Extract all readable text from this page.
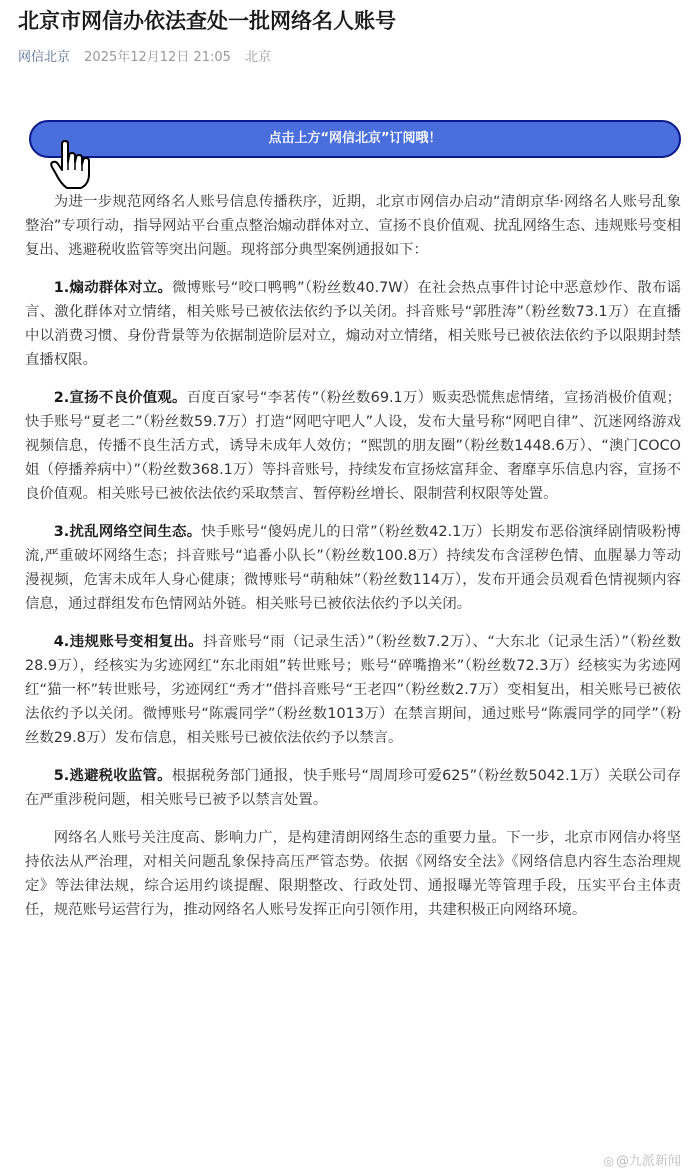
北京市网信办依法查处一批网络名人账号
网信北京 2025年12月12日 21:05 北京
点击上方“网信北京”订阅哦！

为进一步规范网络名人账号信息传播秩序，近期，北京市网信办启动“清朗京华·网络名人账号乱象整治”专项行动，指导网站平台重点整治煽动群体对立、宣扬不良价值观、扰乱网络生态、违规账号变相复出、逃避税收监管等突出问题。现将部分典型案例通报如下：

1.煽动群体对立。微博账号“咬口鸭鸭”（粉丝数40.7W）在社会热点事件讨论中恶意炒作、散布谣言、激化群体对立情绪，相关账号已被依法依约予以关闭。抖音账号“郭胜涛”（粉丝数73.1万）在直播中以消费习惯、身份背景等为依据制造阶层对立，煽动对立情绪，相关账号已被依法依约予以限期封禁直播权限。

2.宣扬不良价值观。百度百家号“李茗传”（粉丝数69.1万）贩卖恐慌焦虑情绪，宣扬消极价值观；快手账号“夏老二”（粉丝数59.7万）打造“网吧守吧人”人设，发布大量号称“网吧自律”、沉迷网络游戏视频信息，传播不良生活方式，诱导未成年人效仿；“熙凯的朋友圈”（粉丝数1448.6万）、“澳门COCO姐（停播养病中）”（粉丝数368.1万）等抖音账号，持续发布宣扬炫富拜金、奢靡享乐信息内容，宣扬不良价值观。相关账号已被依法依约采取禁言、暂停粉丝增长、限制营利权限等处置。

3.扰乱网络空间生态。快手账号“傻妈虎儿的日常”（粉丝数42.1万）长期发布恶俗演绎剧情吸粉博流,严重破坏网络生态；抖音账号“追番小队长”（粉丝数100.8万）持续发布含淫秽色情、血腥暴力等动漫视频，危害未成年人身心健康；微博账号“萌釉妹”（粉丝数114万），发布开通会员观看色情视频内容信息，通过群组发布色情网站外链。相关账号已被依法依约予以关闭。

4.违规账号变相复出。抖音账号“雨（记录生活）”（粉丝数7.2万）、“大东北（记录生活）”（粉丝数28.9万），经核实为劣迹网红“东北雨姐”转世账号；账号“碎嘴撸米”（粉丝数72.3万）经核实为劣迹网红“猫一杯”转世账号，劣迹网红“秀才”借抖音账号“王老四”（粉丝数2.7万）变相复出，相关账号已被依法依约予以关闭。微博账号“陈震同学”（粉丝数1013万）在禁言期间，通过账号“陈震同学的同学”（粉丝数29.8万）发布信息，相关账号已被依法依约予以禁言。

5.逃避税收监管。根据税务部门通报，快手账号“周周珍可爱625”（粉丝数5042.1万）关联公司存在严重涉税问题，相关账号已被予以禁言处置。

网络名人账号关注度高、影响力广，是构建清朗网络生态的重要力量。下一步，北京市网信办将坚持依法从严治理，对相关问题乱象保持高压严管态势。依据《网络安全法》《网络信息内容生态治理规定》等法律法规，综合运用约谈提醒、限期整改、行政处罚、通报曝光等管理手段，压实平台主体责任，规范账号运营行为，推动网络名人账号发挥正向引领作用，共建积极正向网络环境。

◎ @九派新闻
